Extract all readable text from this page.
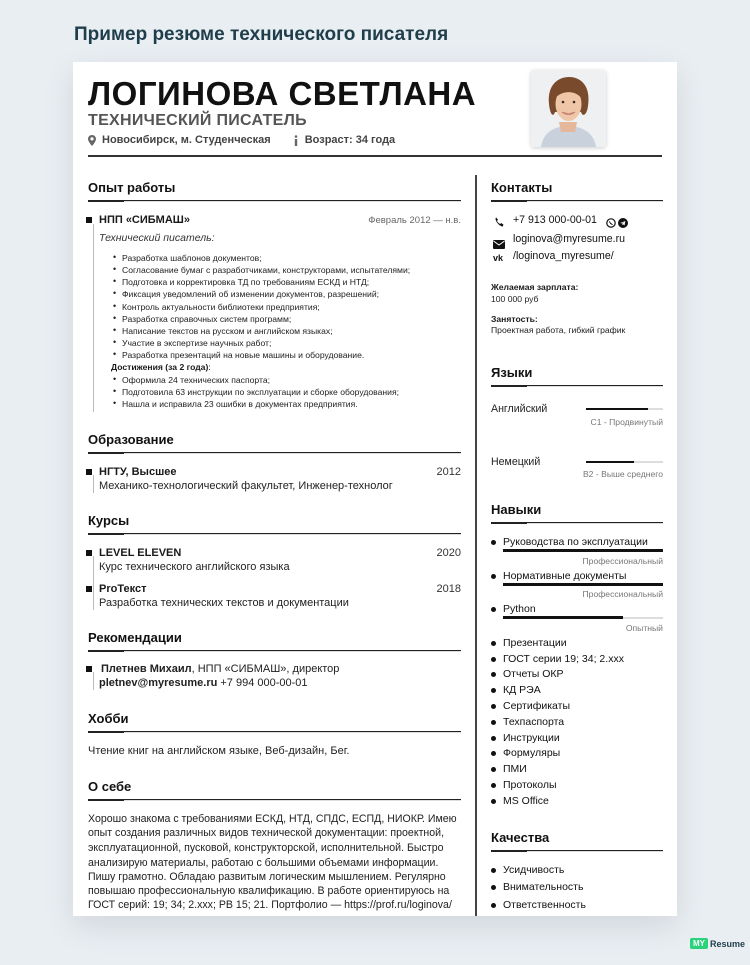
Пример резюме технического писателя
ЛОГИНОВА СВЕТЛАНА
ТЕХНИЧЕСКИЙ ПИСАТЕЛЬ
Новосибирск, м. Студенческая	Возраст: 34 года
Опыт работы
НПП «СИБМАШ»	Февраль 2012 — н.в.
Технический писатель:
• Разработка шаблонов документов;
• Согласование бумаг с разработчиками, конструкторами, испытателями;
• Подготовка и корректировка ТД по требованиям ЕСКД и НТД;
• Фиксация уведомлений об изменении документов, разрешений;
• Контроль актуальности библиотеки предприятия;
• Разработка справочных систем программ;
• Написание текстов на русском и английском языках;
• Участие в экспертизе научных работ;
• Разработка презентаций на новые машины и оборудование.
Достижения (за 2 года):
• Оформила 24 технических паспорта;
• Подготовила 63 инструкции по эксплуатации и сборке оборудования;
• Нашла и исправила 23 ошибки в документах предприятия.
Образование
НГТУ, Высшее	2012
Механико-технологический факультет, Инженер-технолог
Курсы
LEVEL ELEVEN	2020
Курс технического английского языка
ProТекст	2018
Разработка технических текстов и документации
Рекомендации
Плетнев Михаил, НПП «СИБМАШ», директор
pletnev@myresume.ru +7 994 000-00-01
Хобби
Чтение книг на английском языке, Веб-дизайн, Бег.
О себе
Хорошо знакома с требованиями ЕСКД, НТД, СПДС, ЕСПД, НИОКР. Имею
опыт создания различных видов технической документации: проектной,
эксплуатационной, пусковой, конструкторской, исполнительной. Быстро
анализирую материалы, работаю с большими объемами информации.
Пишу грамотно. Обладаю развитым логическим мышлением. Регулярно
повышаю профессиональную квалификацию. В работе ориентируюсь на
ГОСТ серий: 19; 34; 2.xxx; РВ 15; 21. Портфолио — https://prof.ru/loginova/
Контакты
+7 913 000-00-01
loginova@myresume.ru
vk /loginova_myresume/
Желаемая зарплата:
100 000 руб
Занятость:
Проектная работа, гибкий график
Языки
Английский
C1 - Продвинутый
Немецкий
B2 - Выше среднего
Навыки
Руководства по эксплуатации
Профессиональный
Нормативные документы
Профессиональный
Python
Опытный
Презентации
ГОСТ серии 19; 34; 2.xxx
Отчеты ОКР
КД РЭА
Сертификаты
Техпаспорта
Инструкции
Формуляры
ПМИ
Протоколы
MS Office
Качества
Усидчивость
Внимательность
Ответственность
MY Resume
